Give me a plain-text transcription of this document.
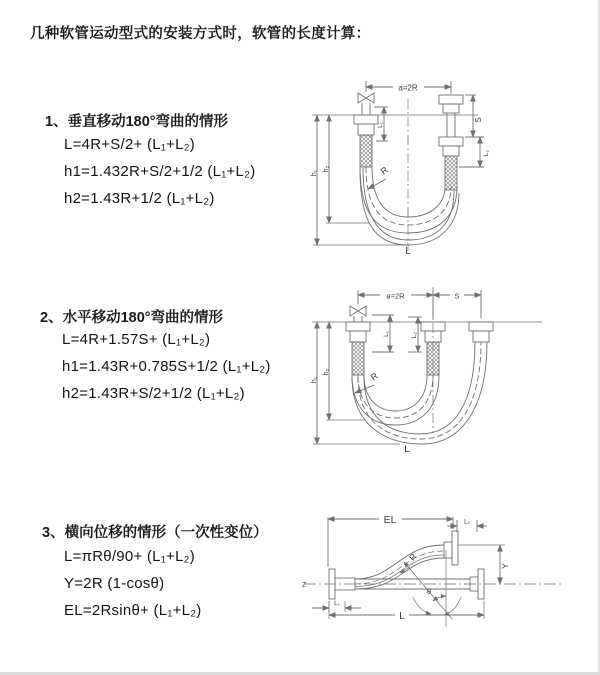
几种软管运动型式的安装方式时，软管的长度计算：
1、垂直移动180°弯曲的情形
L=4R+S/2+ (L₁+L₂)
h1=1.432R+S/2+1/2 (L₁+L₂)
h2=1.43R+1/2 (L₁+L₂)
2、水平移动180°弯曲的情形
L=4R+1.57S+ (L₁+L₂)
h1=1.43R+0.785S+1/2 (L₁+L₂)
h2=1.43R+S/2+1/2 (L₁+L₂)
3、横向位移的情形（一次性变位）
L=πRθ/90+ (L₁+L₂)
Y=2R (1-cosθ)
EL=2Rsinθ+ (L₁+L₂)
a=2R
S
L₂
L₁
h₁
h₂	R
L
a=2R	S
L₁	L₂
h₁
h₂	R
L
Z
EL	L₂
L₁
R
θ
Y
L
